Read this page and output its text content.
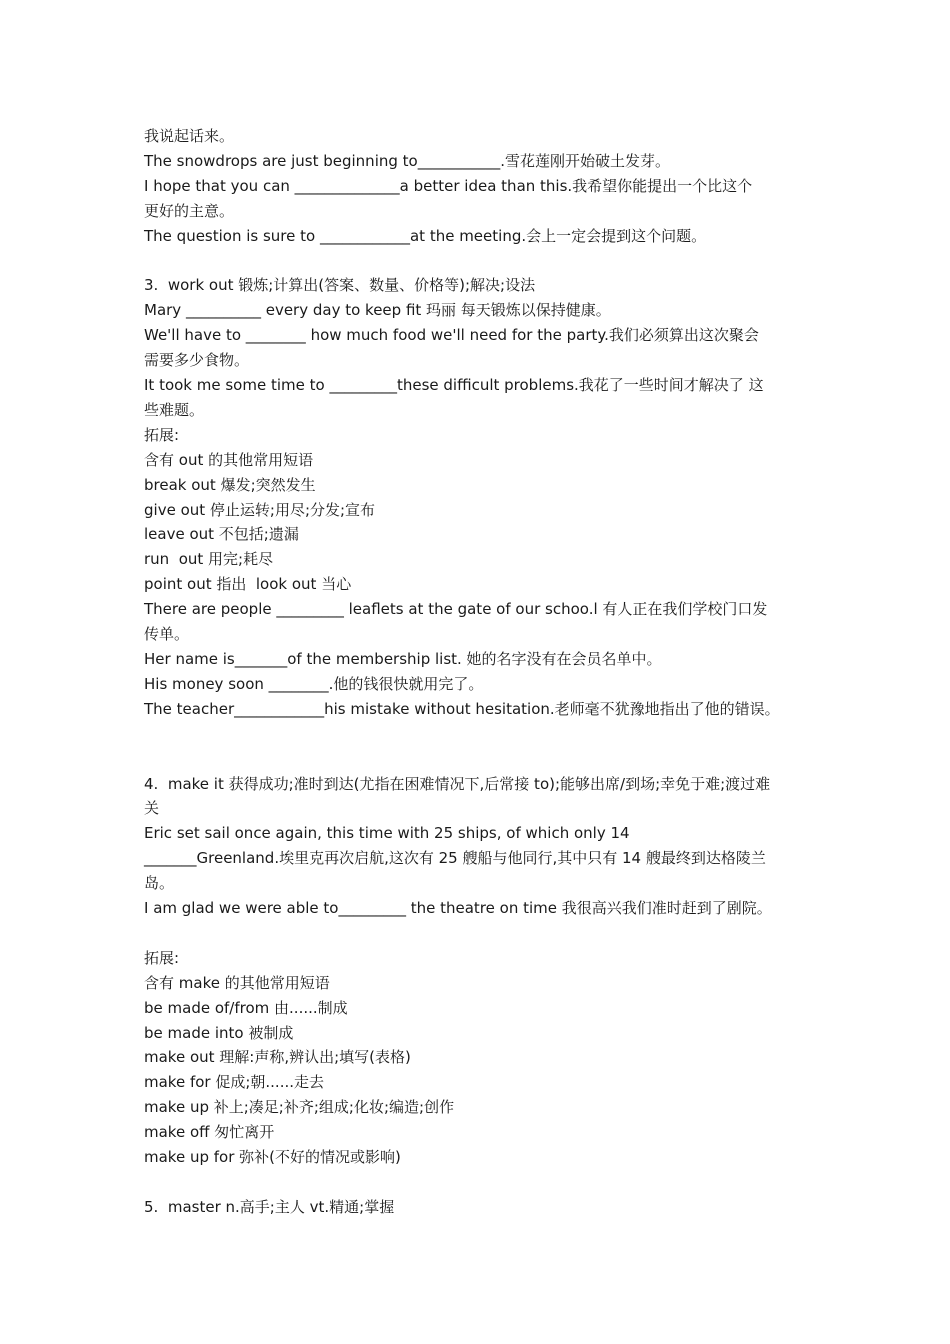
我说起话来。

The snowdrops are just beginning to___________.雪花莲刚开始破土发芽。

I hope that you can ______________a better idea than this.我希望你能提出一个比这个

更好的主意。

The question is sure to ____________at the meeting.会上一定会提到这个问题。

3.  work out 锻炼;计算出(答案、数量、价格等);解决;设法

Mary __________ every day to keep fit 玛丽 每天锻炼以保持健康。

We'll have to ________ how much food we'll need for the party.我们必须算出这次聚会

需要多少食物。

It took me some time to _________these difficult problems.我花了一些时间才解决了 这

些难题。

拓展:

含有 out 的其他常用短语

break out 爆发;突然发生

give out 停止运转;用尽;分发;宣布

leave out 不包括;遗漏

run  out 用完;耗尽

point out 指出  look out 当心

There are people _________ leaflets at the gate of our schoo.l 有人正在我们学校门口发

传单。

Her name is_______of the membership list. 她的名字没有在会员名单中。

His money soon ________.他的钱很快就用完了。

The teacher____________his mistake without hesitation.老师毫不犹豫地指出了他的错误。

4.  make it 获得成功;准时到达(尤指在困难情况下,后常接 to);能够出席/到场;幸免于难;渡过难

关

Eric set sail once again, this time with 25 ships, of which only 14

_______Greenland.埃里克再次启航,这次有 25 艘船与他同行,其中只有 14 艘最终到达格陵兰

岛。

I am glad we were able to_________ the theatre on time 我很高兴我们准时赶到了剧院。

拓展:

含有 make 的其他常用短语

be made of/from 由......制成

be made into 被制成

make out 理解:声称,辨认出;填写(表格)

make for 促成;朝......走去

make up 补上;凑足;补齐;组成;化妆;编造;创作

make off 匆忙离开

make up for 弥补(不好的情况或影响)

5.  master n.高手;主人 vt.精通;掌握
